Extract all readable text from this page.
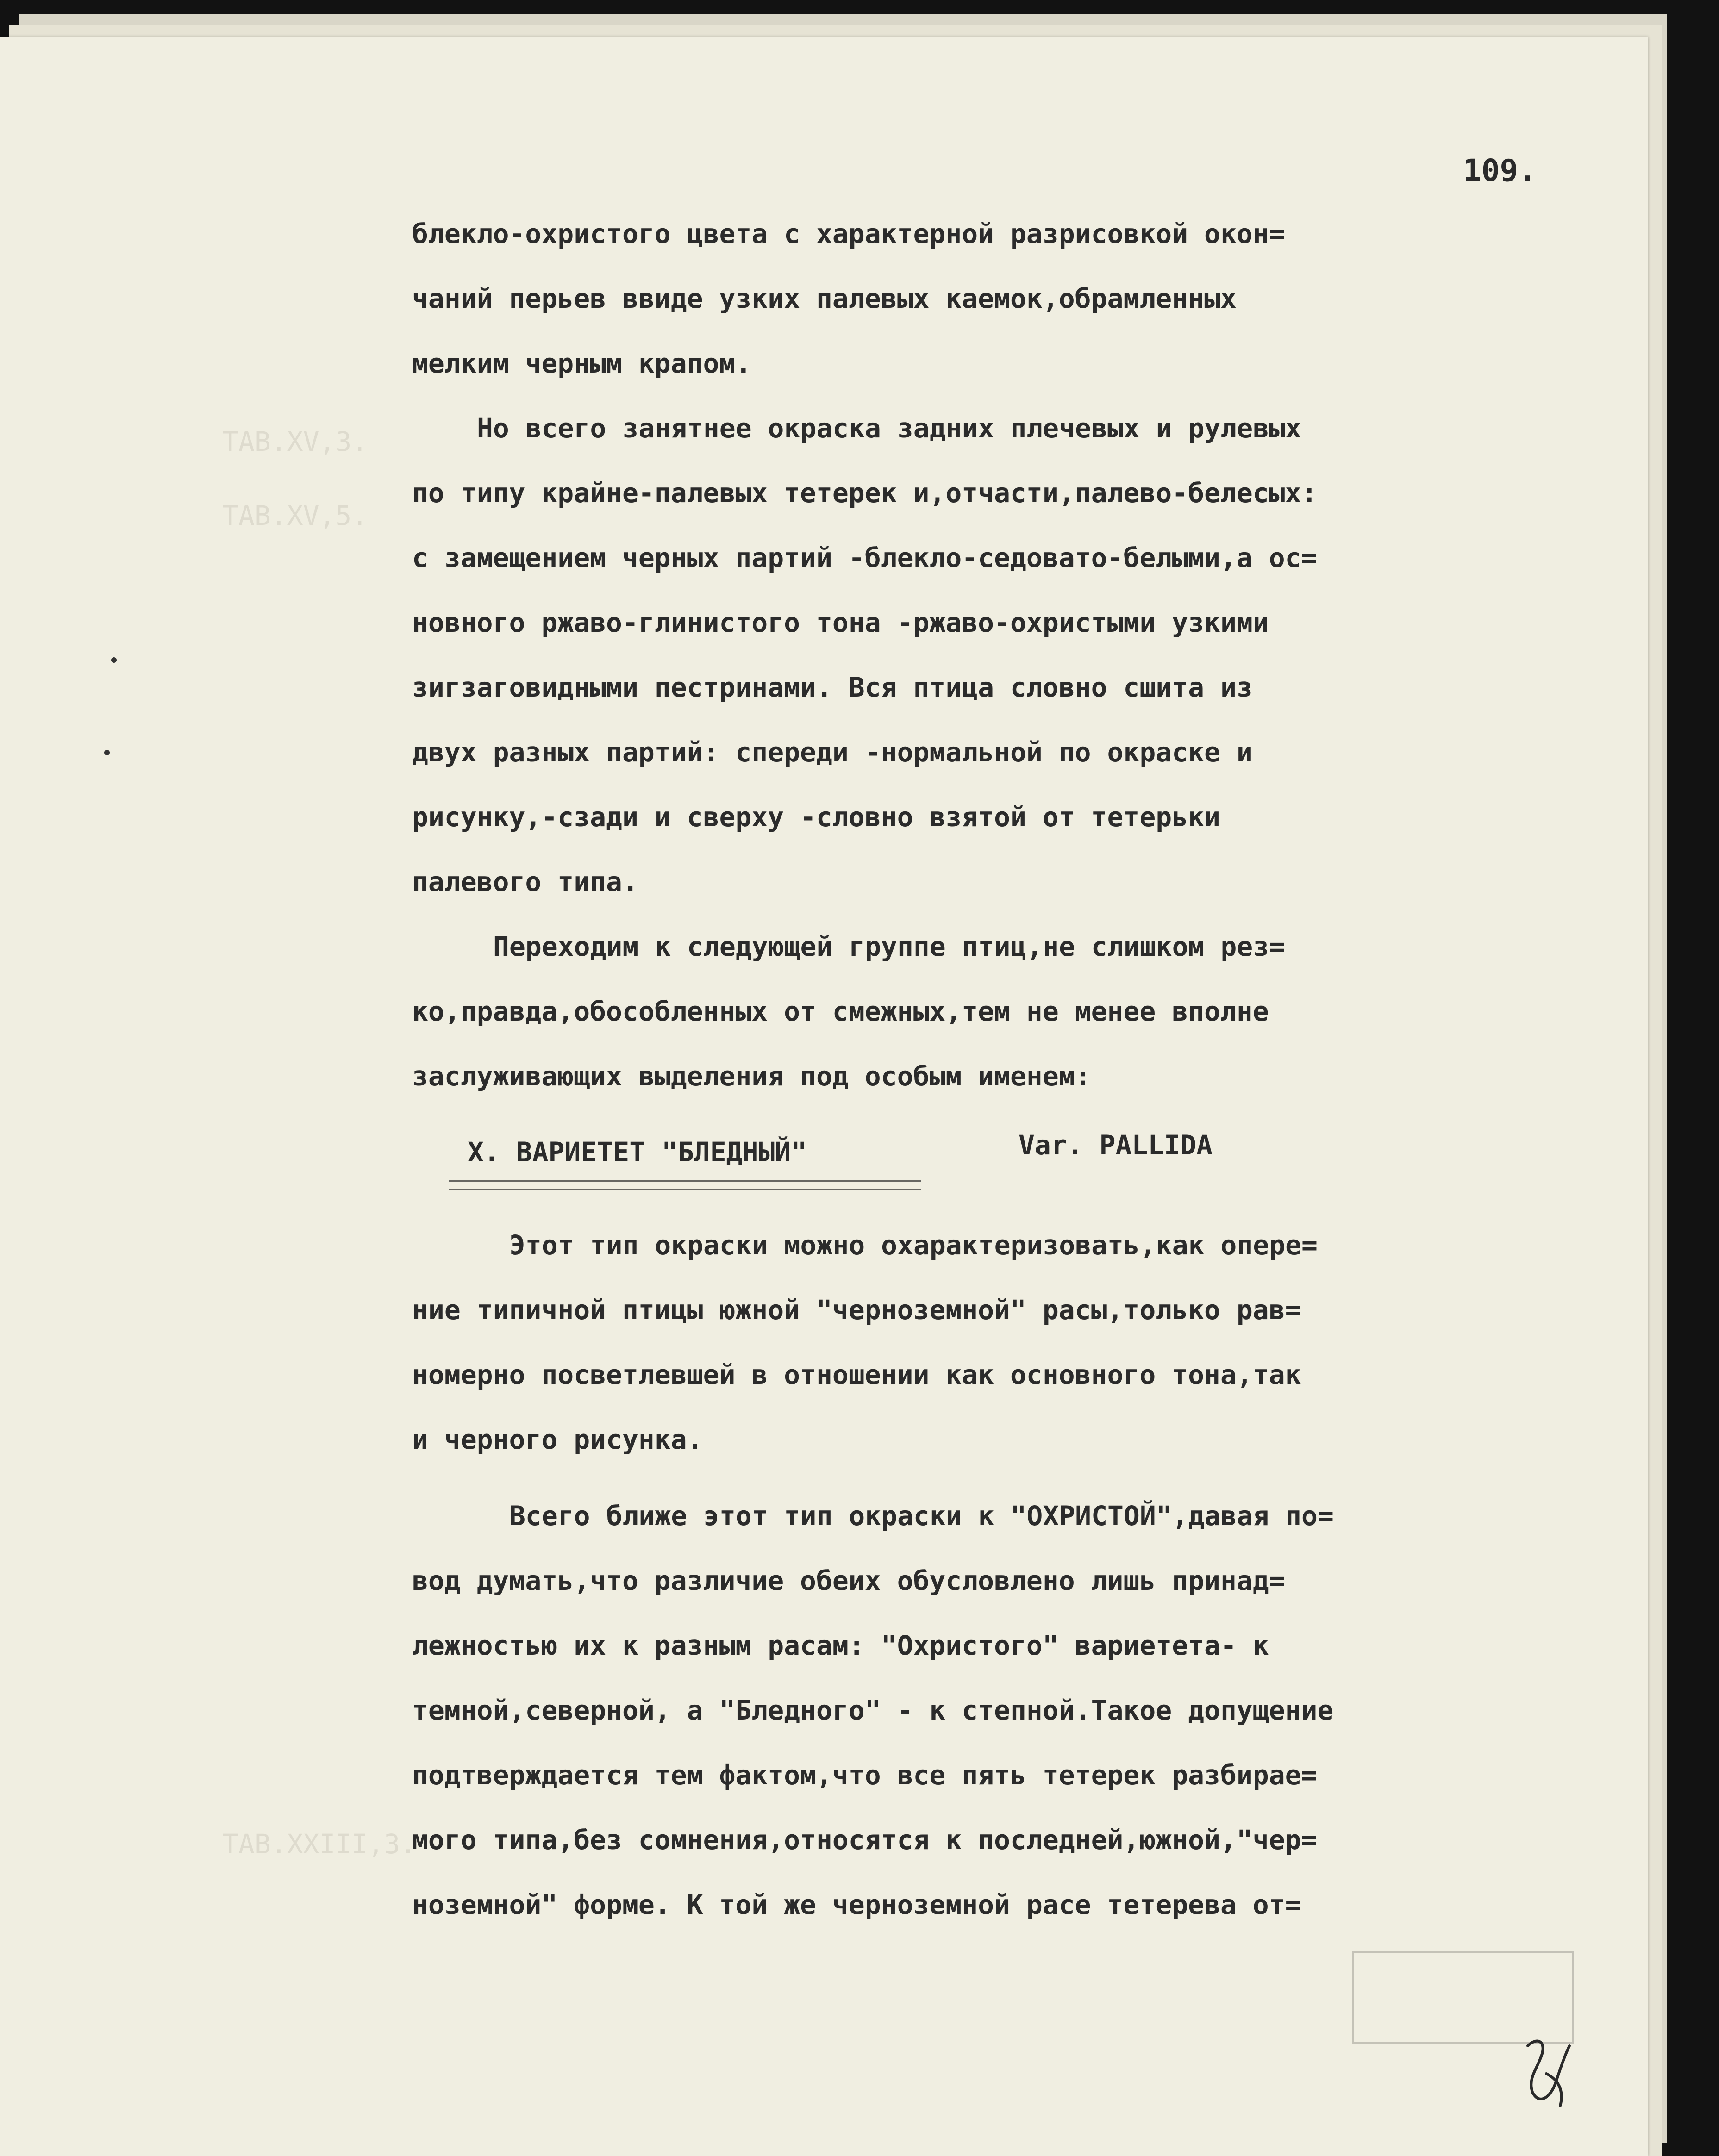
TAB.XV,3.
TAB.XV,5.
TAB.XXIII,3.
109.
блекло-охристого цвета с характерной разрисовкой окон=
чаний перьев ввиде узких палевых каемок,обрамленных
мелким черным крапом.
Но всего занятнее окраска задних плечевых и рулевых
по типу крайне-палевых тетерек и,отчасти,палево-белесых:
с замещением черных партий -блекло-седовато-белыми,а ос=
новного ржаво-глинистого тона -ржаво-охристыми узкими
зигзаговидными пестринами. Вся птица словно сшита из
двух разных партий: спереди -нормальной по окраске и
рисунку,-сзади и сверху -словно взятой от тетерьки
палевого типа.
Переходим к следующей группе птиц,не слишком рез=
ко,правда,обособленных от смежных,тем не менее вполне
заслуживающих выделения под особым именем:
Этот тип окраски можно охарактеризовать,как опере=
ние типичной птицы южной "черноземной" расы,только рав=
номерно посветлевшей в отношении как основного тона,так
и черного рисунка.
Всего ближе этот тип окраски к "ОХРИСТОЙ",давая по=
вод думать,что различие обеих обусловлено лишь принад=
лежностью их к разным расам: "Охристого" вариетета- к
темной,северной, а "Бледного" - к степной.Такое допущение
подтверждается тем фактом,что все пять тетерек разбирае=
мого типа,без сомнения,относятся к последней,южной,"чер=
ноземной" форме. К той же черноземной расе тетерева от=
X. ВАРИЕТЕТ "БЛЕДНЫЙ"	Var. PALLIDA
